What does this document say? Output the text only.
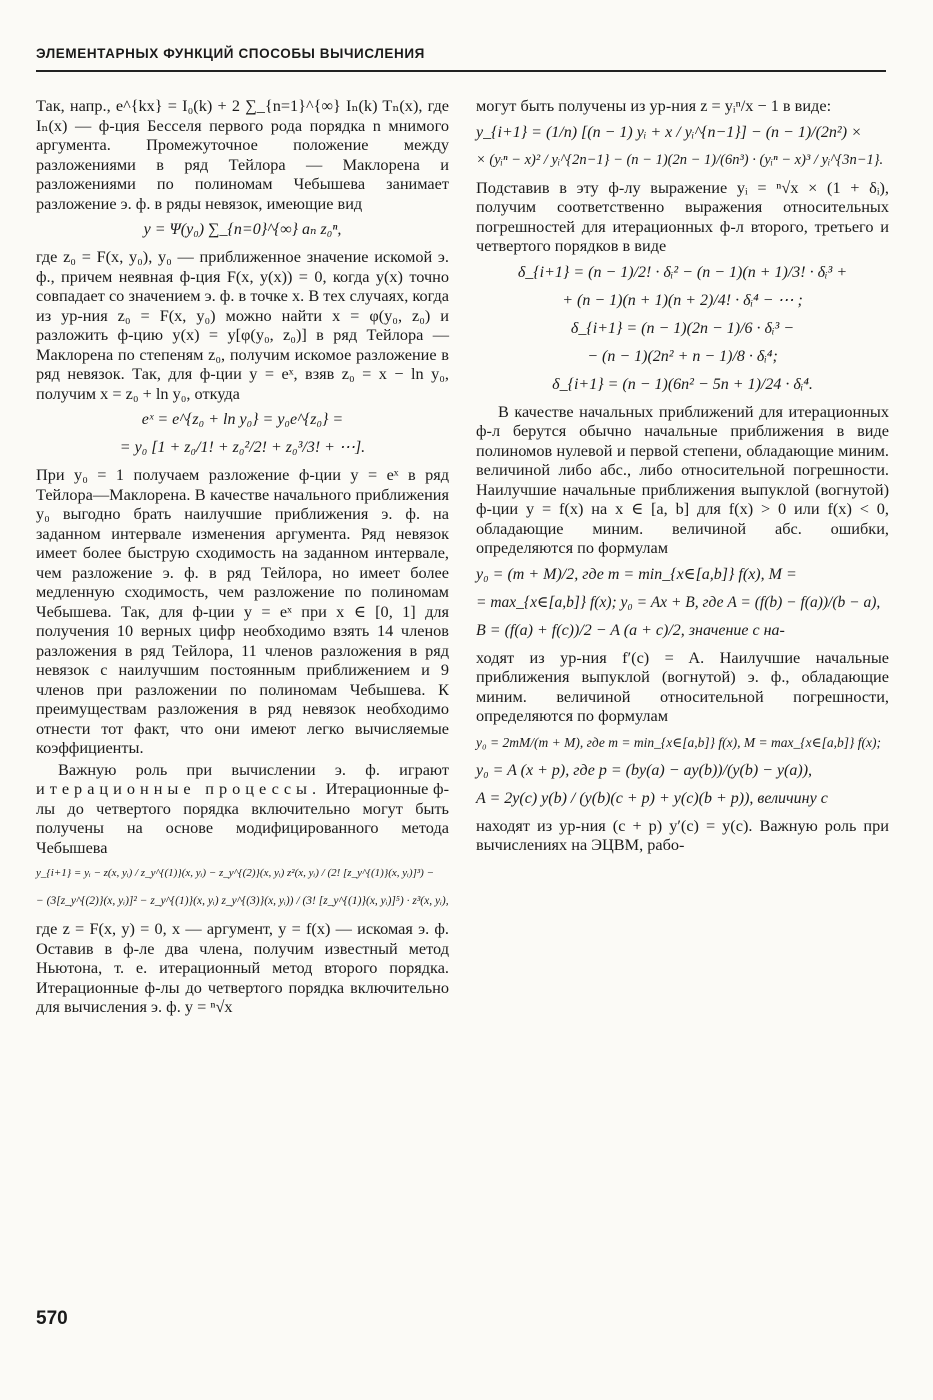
ЭЛЕМЕНТАРНЫХ ФУНКЦИЙ СПОСОБЫ ВЫЧИСЛЕНИЯ

Так, напр., e^{kx} = I₀(k) + 2 ∑_{n=1}^{∞} Iₙ(k) Tₙ(x), где Iₙ(x) — ф-ция Бесселя первого рода порядка n мнимого аргумента. Промежуточное положение между разложениями в ряд Тейлора — Маклорена и разложениями по полиномам Чебышева занимает разложение э. ф. в ряды невязок, имеющие вид

y = Ψ(y₀) ∑_{n=0}^{∞} aₙ z₀ⁿ,

где z₀ = F(x, y₀), y₀ — приближенное значение искомой э. ф., причем неявная ф-ция F(x, y(x)) = 0, когда y(x) точно совпадает со значением э. ф. в точке x. В тех случаях, когда из ур-ния z₀ = F(x, y₀) можно найти x = φ(y₀, z₀) и разложить ф-цию y(x) = y[φ(y₀, z₀)] в ряд Тейлора — Маклорена по степеням z₀, получим искомое разложение в ряд невязок. Так, для ф-ции y = eˣ, взяв z₀ = x − ln y₀, получим x = z₀ + ln y₀, откуда

eˣ = e^{z₀ + ln y₀} = y₀e^{z₀} =
= y₀ [1 + z₀/1! + z₀²/2! + z₀³/3! + ⋯].

При y₀ = 1 получаем разложение ф-ции y = eˣ в ряд Тейлора—Маклорена. В качестве начального приближения y₀ выгодно брать наилучшие приближения э. ф. на заданном интервале изменения аргумента. Ряд невязок имеет более быструю сходимость на заданном интервале, чем разложение э. ф. в ряд Тейлора, но имеет более медленную сходимость, чем разложение по полиномам Чебышева. Так, для ф-ции y = eˣ при x ∈ [0, 1] для получения 10 верных цифр необходимо взять 14 членов разложения в ряд Тейлора, 11 членов разложения в ряд невязок с наилучшим постоянным приближением и 9 членов при разложении по полиномам Чебышева. К преимуществам разложения в ряд невязок необходимо отнести тот факт, что они имеют легко вычисляемые коэффициенты.

Важную роль при вычислении э. ф. играют итерационные процессы. Итерационные ф-лы до четвертого порядка включительно могут быть получены на основе модифицированного метода Чебышева

y_{i+1} = yᵢ − z(x, yᵢ) / z_y^{(1)}(x, yᵢ) − z_y^{(2)}(x, yᵢ) z²(x, yᵢ) / (2! [z_y^{(1)}(x, yᵢ)]³) −
− (3[z_y^{(2)}(x, yᵢ)]² − z_y^{(1)}(x, yᵢ) z_y^{(3)}(x, yᵢ)) / (3! [z_y^{(1)}(x, yᵢ)]⁵) · z³(x, yᵢ),

где z = F(x, y) = 0, x — аргумент, y = f(x) — искомая э. ф. Оставив в ф-ле два члена, получим известный метод Ньютона, т. е. итерационный метод второго порядка. Итерационные ф-лы до четвертого порядка включительно для вычисления э. ф. y = ⁿ√x

могут быть получены из ур-ния z = yᵢⁿ/x − 1 в виде:

y_{i+1} = (1/n) [(n − 1) yᵢ + x / yᵢ^{n−1}] − (n − 1)/(2n²) ×
× (yᵢⁿ − x)² / yᵢ^{2n−1} − (n − 1)(2n − 1)/(6n³) · (yᵢⁿ − x)³ / yᵢ^{3n−1}.

Подставив в эту ф-лу выражение yᵢ = ⁿ√x × (1 + δᵢ), получим соответственно выражения относительных погрешностей для итерационных ф-л второго, третьего и четвертого порядков в виде

δ_{i+1} = (n − 1)/2! · δᵢ² − (n − 1)(n + 1)/3! · δᵢ³ +
+ (n − 1)(n + 1)(n + 2)/4! · δᵢ⁴ − ⋯ ;
δ_{i+1} = (n − 1)(2n − 1)/6 · δᵢ³ −
− (n − 1)(2n² + n − 1)/8 · δᵢ⁴;
δ_{i+1} = (n − 1)(6n² − 5n + 1)/24 · δᵢ⁴.

В качестве начальных приближений для итерационных ф-л берутся обычно начальные приближения в виде полиномов нулевой и первой степени, обладающие миним. величиной либо абс., либо относительной погрешности. Наилучшие начальные приближения выпуклой (вогнутой) ф-ции y = f(x) на x ∈ [a, b] для f(x) > 0 или f(x) < 0, обладающие миним. величиной абс. ошибки, определяются по формулам

y₀ = (m + M)/2, где m = min_{x∈[a,b]} f(x), M =
= max_{x∈[a,b]} f(x); y₀ = Ax + B, где A = (f(b) − f(a))/(b − a),
B = (f(a) + f(c))/2 − A (a + c)/2, значение c на-

ходят из ур-ния f′(c) = A. Наилучшие начальные приближения выпуклой (вогнутой) э. ф., обладающие миним. величиной относительной погрешности, определяются по формулам

y₀ = 2mM/(m + M), где m = min_{x∈[a,b]} f(x), M = max_{x∈[a,b]} f(x);
y₀ = A (x + p), где p = (by(a) − ay(b))/(y(b) − y(a)),
A = 2y(c) y(b) / (y(b)(c + p) + y(c)(b + p)), величину c

находят из ур-ния (c + p) y′(c) = y(c). Важную роль при вычислениях на ЭЦВМ, рабо-

570
